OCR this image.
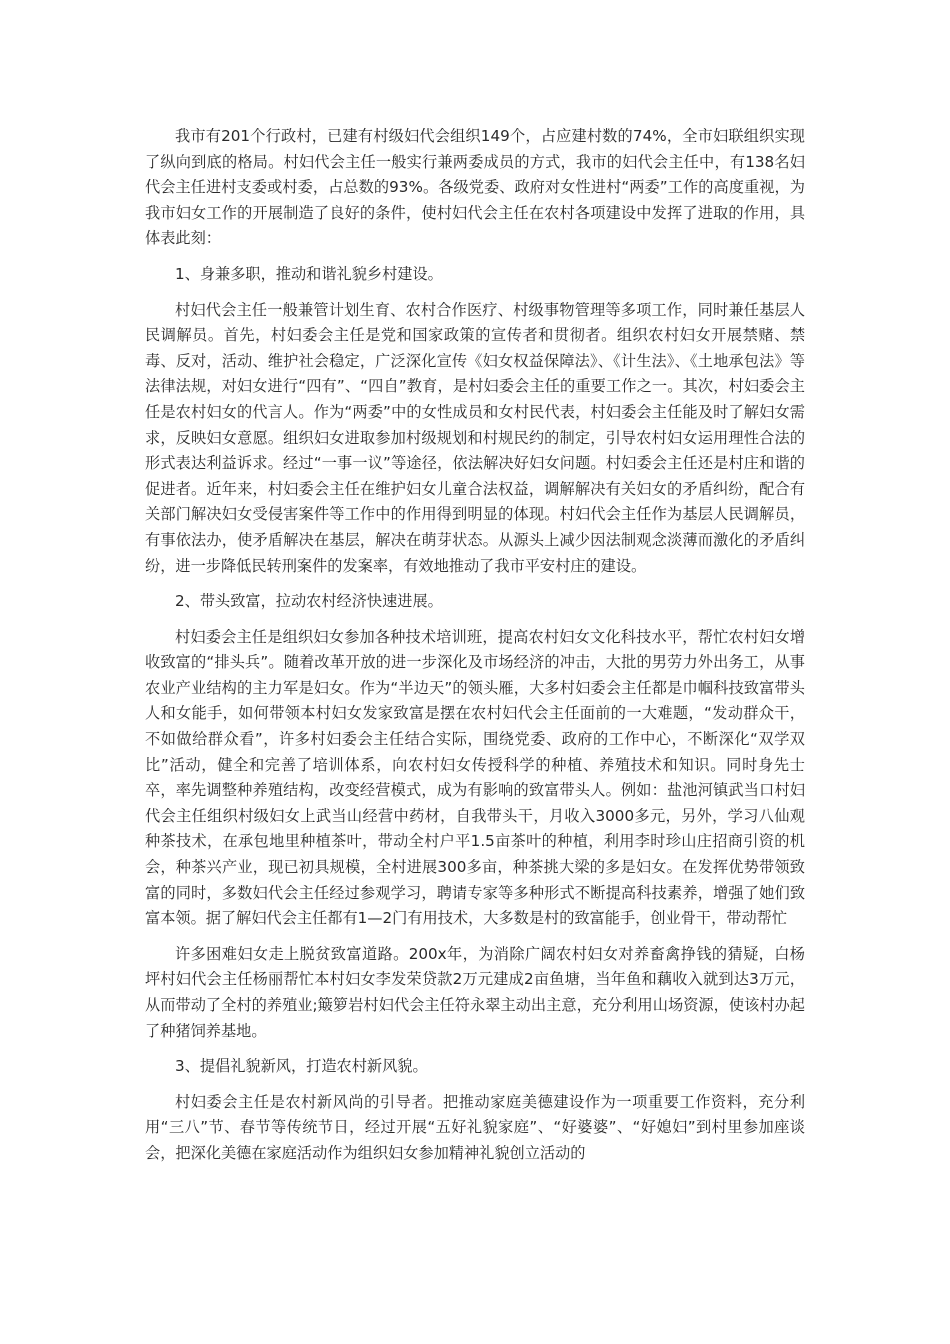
我市有201个行政村，已建有村级妇代会组织149个，占应建村数的74%，全市妇联组织实现了纵向到底的格局。村妇代会主任一般实行兼两委成员的方式，我市的妇代会主任中，有138名妇代会主任进村支委或村委，占总数的93%。各级党委、政府对女性进村“两委”工作的高度重视，为我市妇女工作的开展制造了良好的条件，使村妇代会主任在农村各项建设中发挥了进取的作用，具体表此刻：

1、身兼多职，推动和谐礼貌乡村建设。

村妇代会主任一般兼管计划生育、农村合作医疗、村级事物管理等多项工作，同时兼任基层人民调解员。首先，村妇委会主任是党和国家政策的宣传者和贯彻者。组织农村妇女开展禁赌、禁毒、反对，活动、维护社会稳定，广泛深化宣传《妇女权益保障法》、《计生法》、《土地承包法》等法律法规，对妇女进行“四有”、“四自”教育，是村妇委会主任的重要工作之一。其次，村妇委会主任是农村妇女的代言人。作为“两委”中的女性成员和女村民代表，村妇委会主任能及时了解妇女需求，反映妇女意愿。组织妇女进取参加村级规划和村规民约的制定，引导农村妇女运用理性合法的形式表达利益诉求。经过“一事一议”等途径，依法解决好妇女问题。村妇委会主任还是村庄和谐的促进者。近年来，村妇委会主任在维护妇女儿童合法权益，调解解决有关妇女的矛盾纠纷，配合有关部门解决妇女受侵害案件等工作中的作用得到明显的体现。村妇代会主任作为基层人民调解员，有事依法办，使矛盾解决在基层，解决在萌芽状态。从源头上减少因法制观念淡薄而激化的矛盾纠纷，进一步降低民转刑案件的发案率，有效地推动了我市平安村庄的建设。

2、带头致富，拉动农村经济快速进展。

村妇委会主任是组织妇女参加各种技术培训班，提高农村妇女文化科技水平，帮忙农村妇女增收致富的“排头兵”。随着改革开放的进一步深化及市场经济的冲击，大批的男劳力外出务工，从事农业产业结构的主力军是妇女。作为“半边天”的领头雁，大多村妇委会主任都是巾帼科技致富带头人和女能手，如何带领本村妇女发家致富是摆在农村妇代会主任面前的一大难题，“发动群众干，不如做给群众看”，许多村妇委会主任结合实际，围绕党委、政府的工作中心，不断深化“双学双比”活动，健全和完善了培训体系，向农村妇女传授科学的种植、养殖技术和知识。同时身先士卒，率先调整种养殖结构，改变经营模式，成为有影响的致富带头人。例如：盐池河镇武当口村妇代会主任组织村级妇女上武当山经营中药材，自我带头干，月收入3000多元，另外，学习八仙观种茶技术，在承包地里种植茶叶，带动全村户平1.5亩茶叶的种植，利用李时珍山庄招商引资的机会，种茶兴产业，现已初具规模，全村进展300多亩，种茶挑大梁的多是妇女。在发挥优势带领致富的同时，多数妇代会主任经过参观学习，聘请专家等多种形式不断提高科技素养，增强了她们致富本领。据了解妇代会主任都有1—2门有用技术，大多数是村的致富能手，创业骨干，带动帮忙

许多困难妇女走上脱贫致富道路。200x年，为消除广阔农村妇女对养畜禽挣钱的猜疑，白杨坪村妇代会主任杨丽帮忙本村妇女李发荣贷款2万元建成2亩鱼塘，当年鱼和藕收入就到达3万元，从而带动了全村的养殖业;簸箩岩村妇代会主任符永翠主动出主意，充分利用山场资源，使该村办起了种猪饲养基地。

3、提倡礼貌新风，打造农村新风貌。

村妇委会主任是农村新风尚的引导者。把推动家庭美德建设作为一项重要工作资料，充分利用“三八”节、春节等传统节日，经过开展“五好礼貌家庭”、“好婆婆”、“好媳妇”到村里参加座谈会，把深化美德在家庭活动作为组织妇女参加精神礼貌创立活动的
